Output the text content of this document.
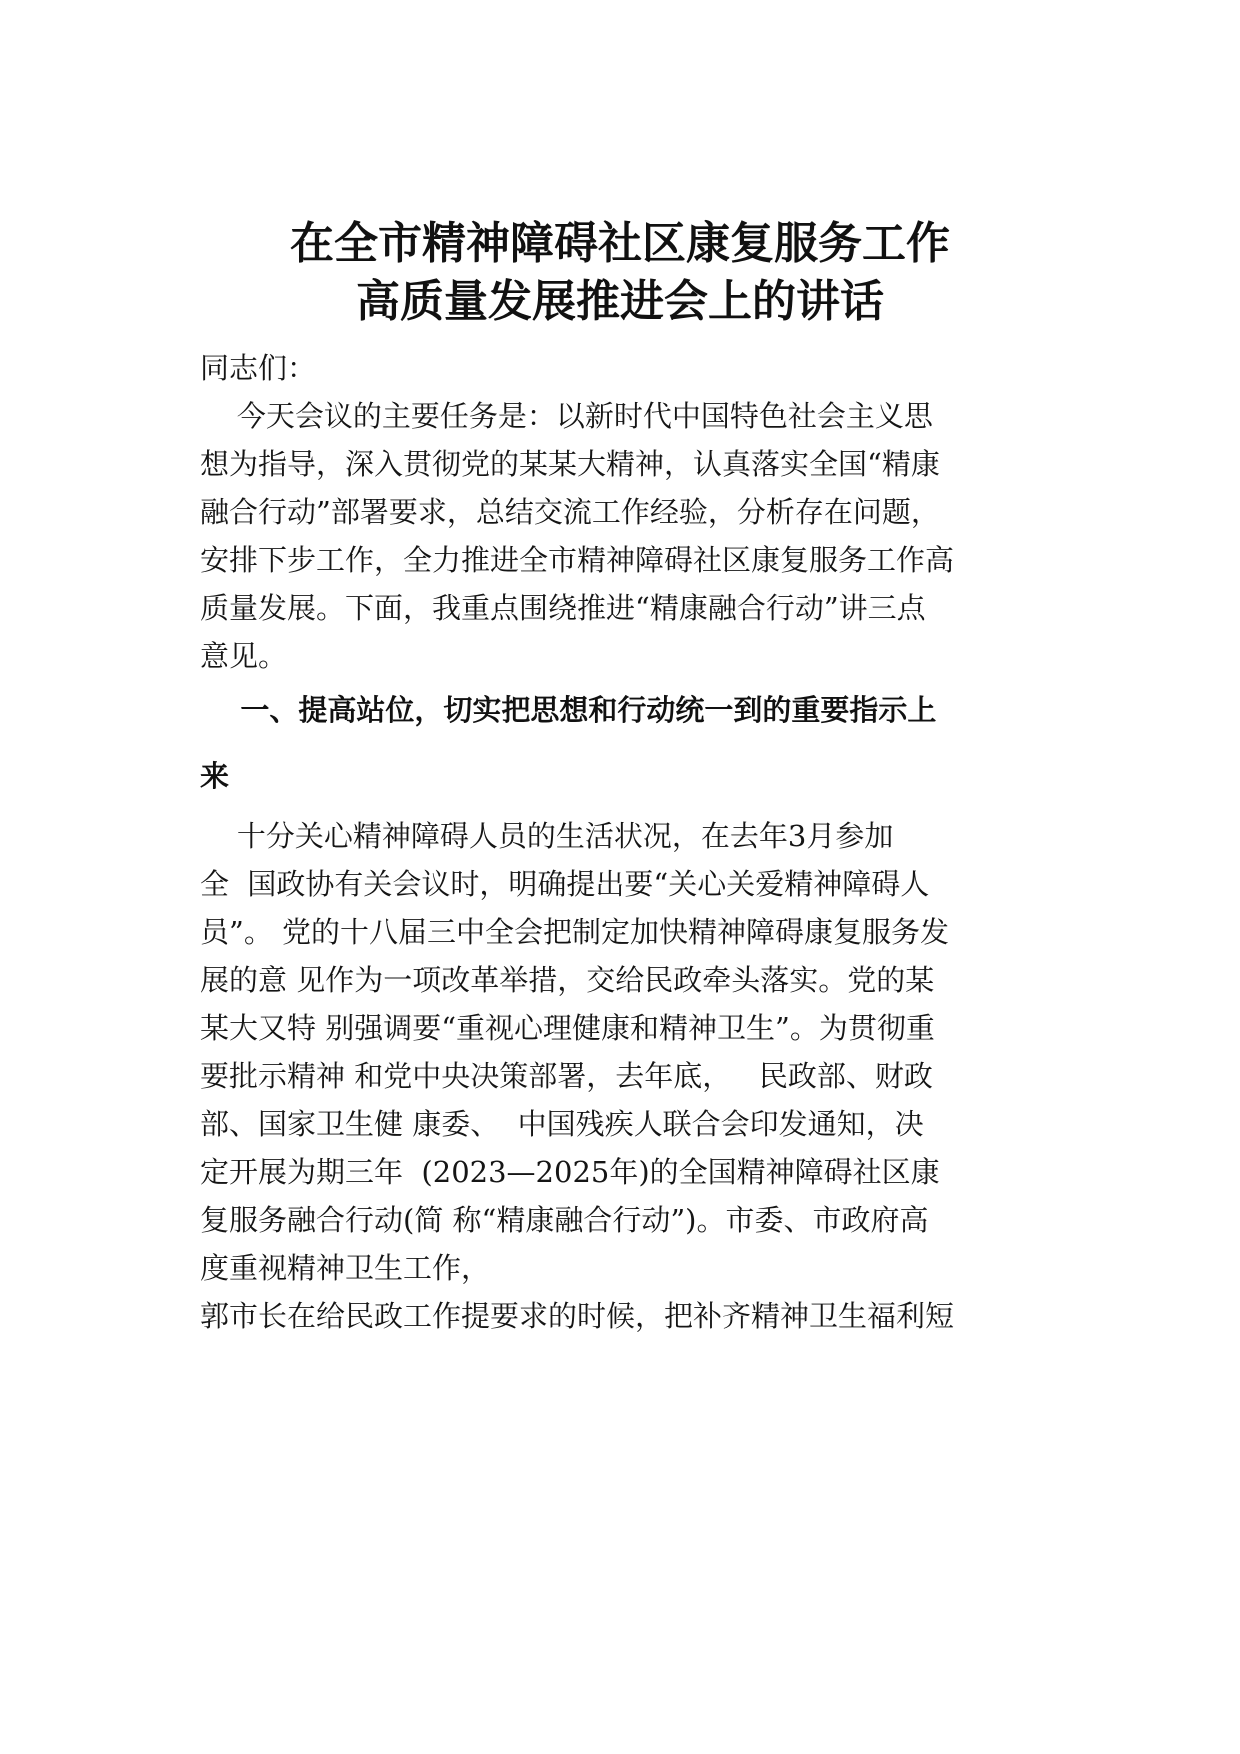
在全市精神障碍社区康复服务工作
高质量发展推进会上的讲话
同志们：
今天会议的主要任务是：以新时代中国特色社会主义思
想为指导，深入贯彻党的某某大精神，认真落实全国“精康
融合行动”部署要求，总结交流工作经验，分析存在问题，
安排下步工作，全力推进全市精神障碍社区康复服务工作高
质量发展。下面，我重点围绕推进“精康融合行动”讲三点
意见。
一、提高站位，切实把思想和行动统一到的重要指示上
来
十分关心精神障碍人员的生活状况，在去年3月参加
全  国政协有关会议时，明确提出要“关心关爱精神障碍人
员”。 党的十八届三中全会把制定加快精神障碍康复服务发
展的意 见作为一项改革举措，交给民政牵头落实。党的某
某大又特 别强调要“重视心理健康和精神卫生”。为贯彻重
要批示精神 和党中央决策部署，去年底，   民政部、财政
部、国家卫生健 康委、  中国残疾人联合会印发通知，决
定开展为期三年  (2023—2025年)的全国精神障碍社区康
复服务融合行动(简 称“精康融合行动”)。市委、市政府高
度重视精神卫生工作，
郭市长在给民政工作提要求的时候，把补齐精神卫生福利短
